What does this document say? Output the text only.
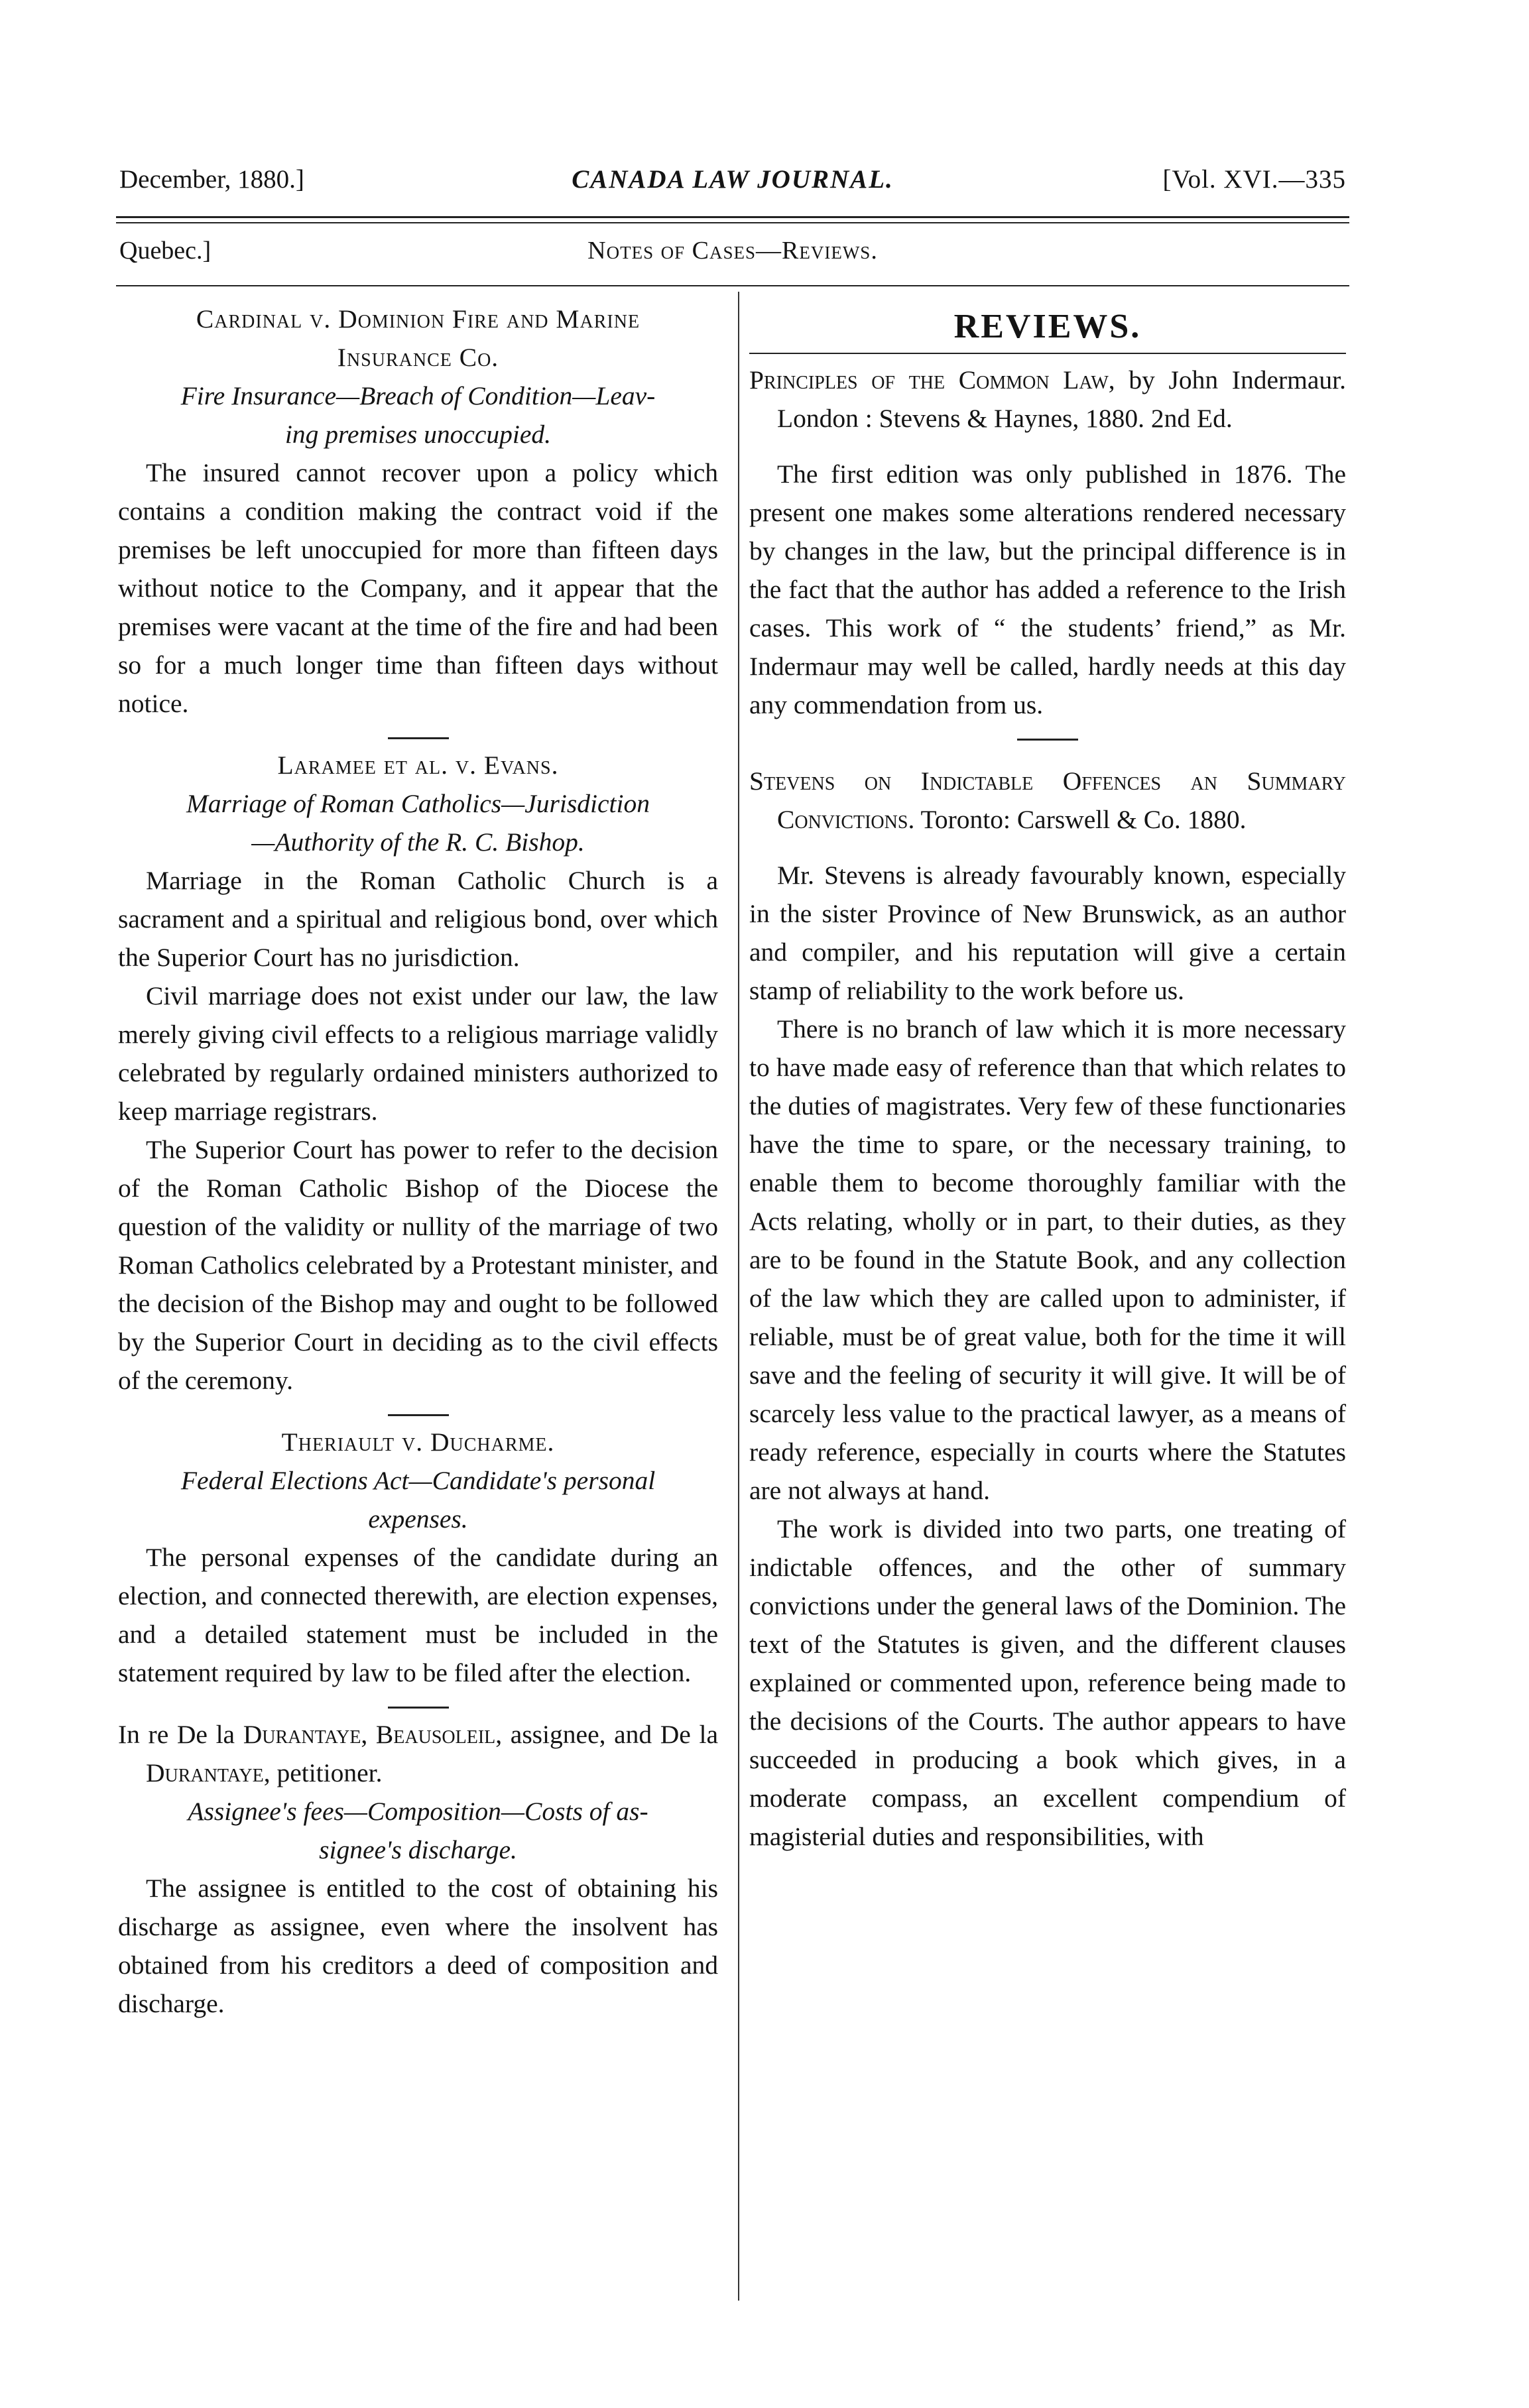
December, 1880.]	CANADA LAW JOURNAL.	[Vol. XVI.—335
Quebec.]	Notes of Cases—Reviews.
Cardinal v. Dominion Fire and Marine
Insurance Co.
Fire Insurance—Breach of Condition—Leav-
ing premises unoccupied.

The insured cannot recover upon a policy which contains a condition making the contract void if the premises be left unoccupied for more than fifteen days without notice to the Company, and it appear that the premises were vacant at the time of the fire and had been so for a much longer time than fifteen days without notice.

Laramee et al. v. Evans.
Marriage of Roman Catholics—Jurisdiction
—Authority of the R. C. Bishop.

Marriage in the Roman Catholic Church is a sacrament and a spiritual and religious bond, over which the Superior Court has no jurisdiction.

Civil marriage does not exist under our law, the law merely giving civil effects to a religious marriage validly celebrated by regularly ordained ministers authorized to keep marriage registrars.

The Superior Court has power to refer to the decision of the Roman Catholic Bishop of the Diocese the question of the validity or nullity of the marriage of two Roman Catholics celebrated by a Protestant minister, and the decision of the Bishop may and ought to be followed by the Superior Court in deciding as to the civil effects of the ceremony.

Theriault v. Ducharme.
Federal Elections Act—Candidate's personal
expenses.

The personal expenses of the candidate during an election, and connected therewith, are election expenses, and a detailed statement must be included in the statement required by law to be filed after the election.

In re De la Durantaye, Beausoleil, assignee, and De la Durantaye, petitioner.

Assignee's fees—Composition—Costs of as-
signee's discharge.

The assignee is entitled to the cost of obtaining his discharge as assignee, even where the insolvent has obtained from his creditors a deed of composition and discharge.

REVIEWS.

Principles of the Common Law, by John Indermaur. London : Stevens & Haynes, 1880. 2nd Ed.

The first edition was only published in 1876. The present one makes some alterations rendered necessary by changes in the law, but the principal difference is in the fact that the author has added a reference to the Irish cases. This work of “ the students’ friend,” as Mr. Indermaur may well be called, hardly needs at this day any commendation from us.

Stevens on Indictable Offences an Summary Convictions. Toronto: Carswell & Co. 1880.

Mr. Stevens is already favourably known, especially in the sister Province of New Brunswick, as an author and compiler, and his reputation will give a certain stamp of reliability to the work before us.

There is no branch of law which it is more necessary to have made easy of reference than that which relates to the duties of magistrates. Very few of these functionaries have the time to spare, or the necessary training, to enable them to become thoroughly familiar with the Acts relating, wholly or in part, to their duties, as they are to be found in the Statute Book, and any collection of the law which they are called upon to administer, if reliable, must be of great value, both for the time it will save and the feeling of security it will give. It will be of scarcely less value to the practical lawyer, as a means of ready reference, especially in courts where the Statutes are not always at hand.

The work is divided into two parts, one treating of indictable offences, and the other of summary convictions under the general laws of the Dominion. The text of the Statutes is given, and the different clauses explained or commented upon, reference being made to the decisions of the Courts. The author appears to have succeeded in producing a book which gives, in a moderate compass, an excellent compendium of magisterial duties and responsibilities, with
